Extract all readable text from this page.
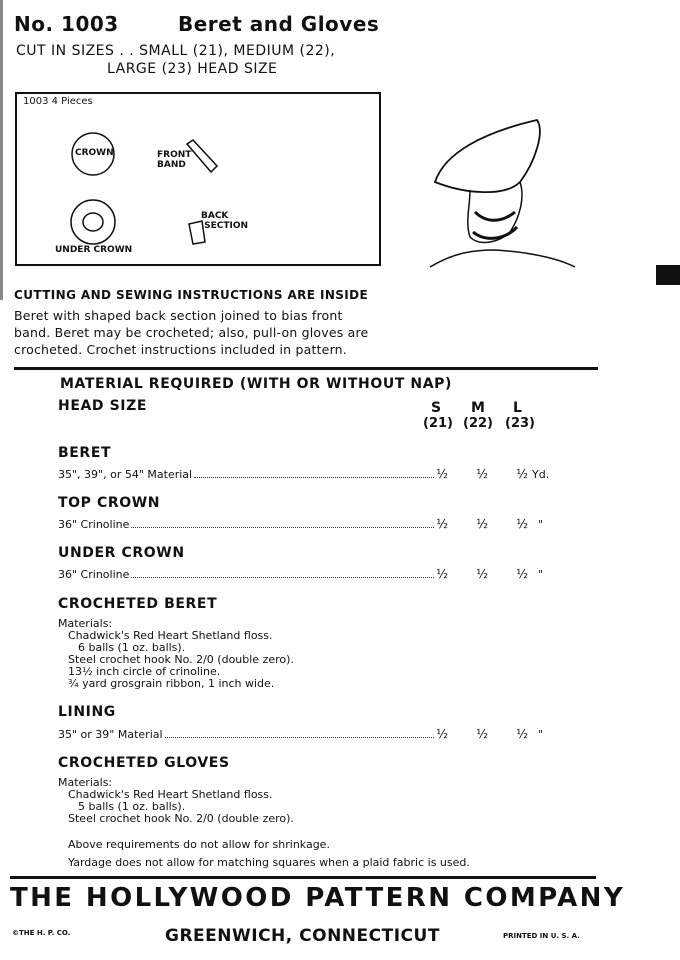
No. 1003	Beret and Gloves
CUT IN SIZES . . SMALL (21), MEDIUM (22),
LARGE (23) HEAD SIZE
1003 4 Pieces
CROWN	FRONT
BAND
UNDER CROWN
BACK
SECTION
CUTTING AND SEWING INSTRUCTIONS ARE INSIDE
Beret with shaped back section joined to bias front
band. Beret may be crocheted; also, pull-on gloves are
crocheted. Crochet instructions included in pattern.
MATERIAL REQUIRED (WITH OR WITHOUT NAP)
HEAD SIZE	S M L
(21) (22) (23)
BERET
35", 39", or 54" Material	½	½	½ Yd.
TOP CROWN
36" Crinoline	½	½	½ "
UNDER CROWN
36" Crinoline	½	½	½ "
CROCHETED BERET
Materials:
Chadwick's Red Heart Shetland floss.
6 balls (1 oz. balls).
Steel crochet hook No. 2/0 (double zero).
13½ inch circle of crinoline.
¾ yard grosgrain ribbon, 1 inch wide.
LINING
35" or 39" Material	½	½	½ "
CROCHETED GLOVES
Materials:
Chadwick's Red Heart Shetland floss.
5 balls (1 oz. balls).
Steel crochet hook No. 2/0 (double zero).
Above requirements do not allow for shrinkage.
Yardage does not allow for matching squares when a plaid fabric is used.
THE HOLLYWOOD PATTERN COMPANY
©THE H. P. CO.	GREENWICH, CONNECTICUT	PRINTED IN U. S. A.
